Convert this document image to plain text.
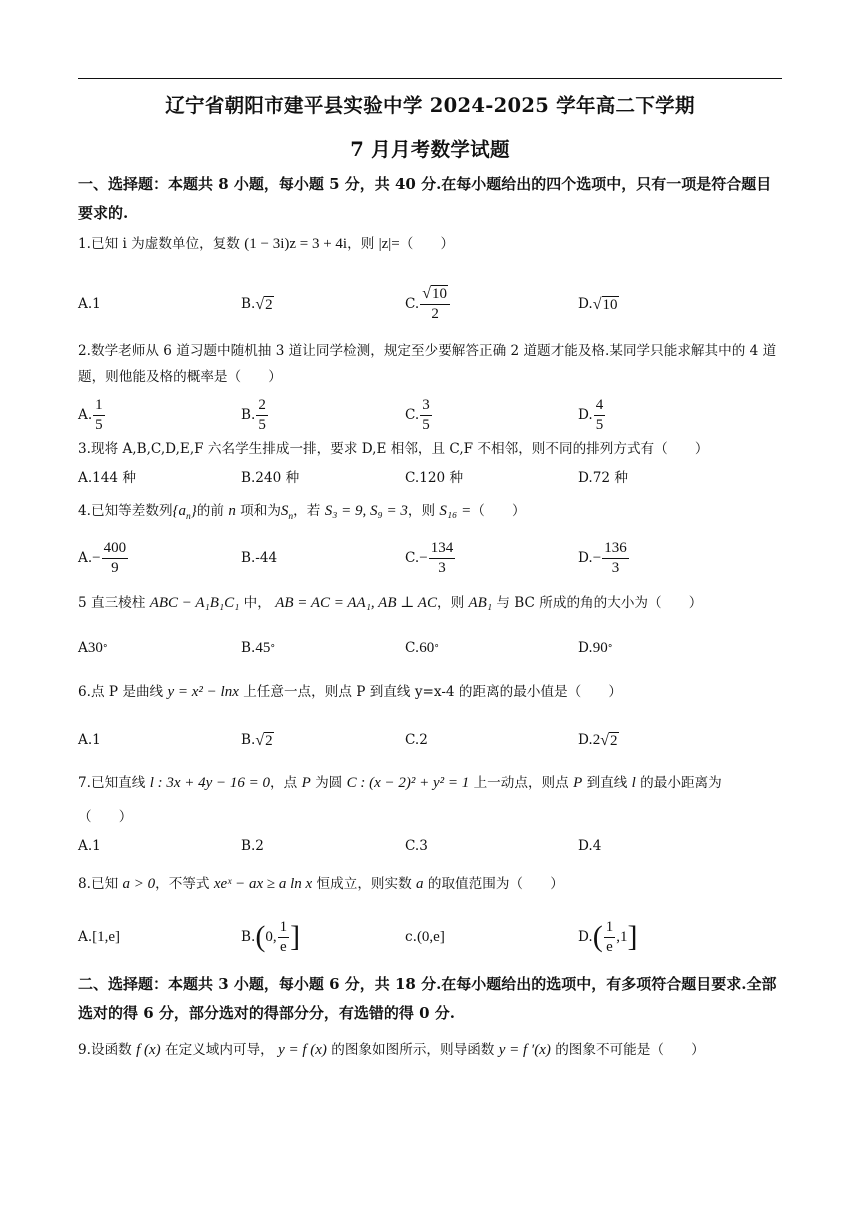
辽宁省朝阳市建平县实验中学 2024-2025 学年高二下学期
7 月月考数学试题
一、选择题：本题共 8 小题，每小题 5 分，共 40 分.在每小题给出的四个选项中，只有一项是符合题目要求的.
1.已知 i 为虚数单位，复数 (1 − 3i)z = 3 + 4i，则 |z|=（　　）
A.1	B. √ 2	C. $\frac{√ 10}{2}$	D. √ 10
2.数学老师从 6 道习题中随机抽 3 道让同学检测，规定至少要解答正确 2 道题才能及格.某同学只能求解其中的 4 道题，则他能及格的概率是（　　）
A. $\frac{1}{5}$	B. $\frac{2}{5}$	C. $\frac{3}{5}$	D. $\frac{4}{5}$
3.现将 A,B,C,D,E,F 六名学生排成一排，要求 D,E 相邻，且 C,F 不相邻，则不同的排列方式有（　　）
A.144 种	B.240 种	C.120 种	D.72 种
4.已知等差数列$\{a_n\}$的前 n 项和为$S_n$，若 S₃ = 9, S₉ = 3，则 S₁₆ =（　　）
A. − $\frac{400}{9}$	B.-44	C. − $\frac{134}{3}$	D. − $\frac{136}{3}$
5 直三棱柱 ABC − A₁B₁C₁ 中， AB = AC = AA₁, AB ⊥ AC，则 AB₁ 与 BC 所成的角的大小为（　　）
A 30 °	B. 45 °	C. 60 °	D. 90 °
6.点 P 是曲线 y = x² − lnx 上任意一点，则点 P 到直线 y=x-4 的距离的最小值是（　　）
A.1	B. √ 2	C.2	D. 2 √ 2
7.已知直线 l : 3x + 4y − 16 = 0，点 P 为圆 C : (x − 2)² + y² = 1 上一动点，则点 P 到直线 l 的最小距离为
（　　）
A.1	B.2	C.3	D.4
8.已知 a > 0，不等式 xeˣ − ax ≥ a ln x 恒成立，则实数 a 的取值范围为（　　）
A. [1,e]	B. ( 0, $\frac{1}{e}$ ]	c. (0,e]	D. ( $\frac{1}{e} ,1$ ]
二、选择题：本题共 3 小题，每小题 6 分，共 18 分.在每小题给出的选项中，有多项符合题目要求.全部选对的得 6 分，部分选对的得部分分，有选错的得 0 分.
9.设函数 f (x) 在定义域内可导， y = f (x) 的图象如图所示，则导函数 y = f ′(x) 的图象不可能是（　　）
